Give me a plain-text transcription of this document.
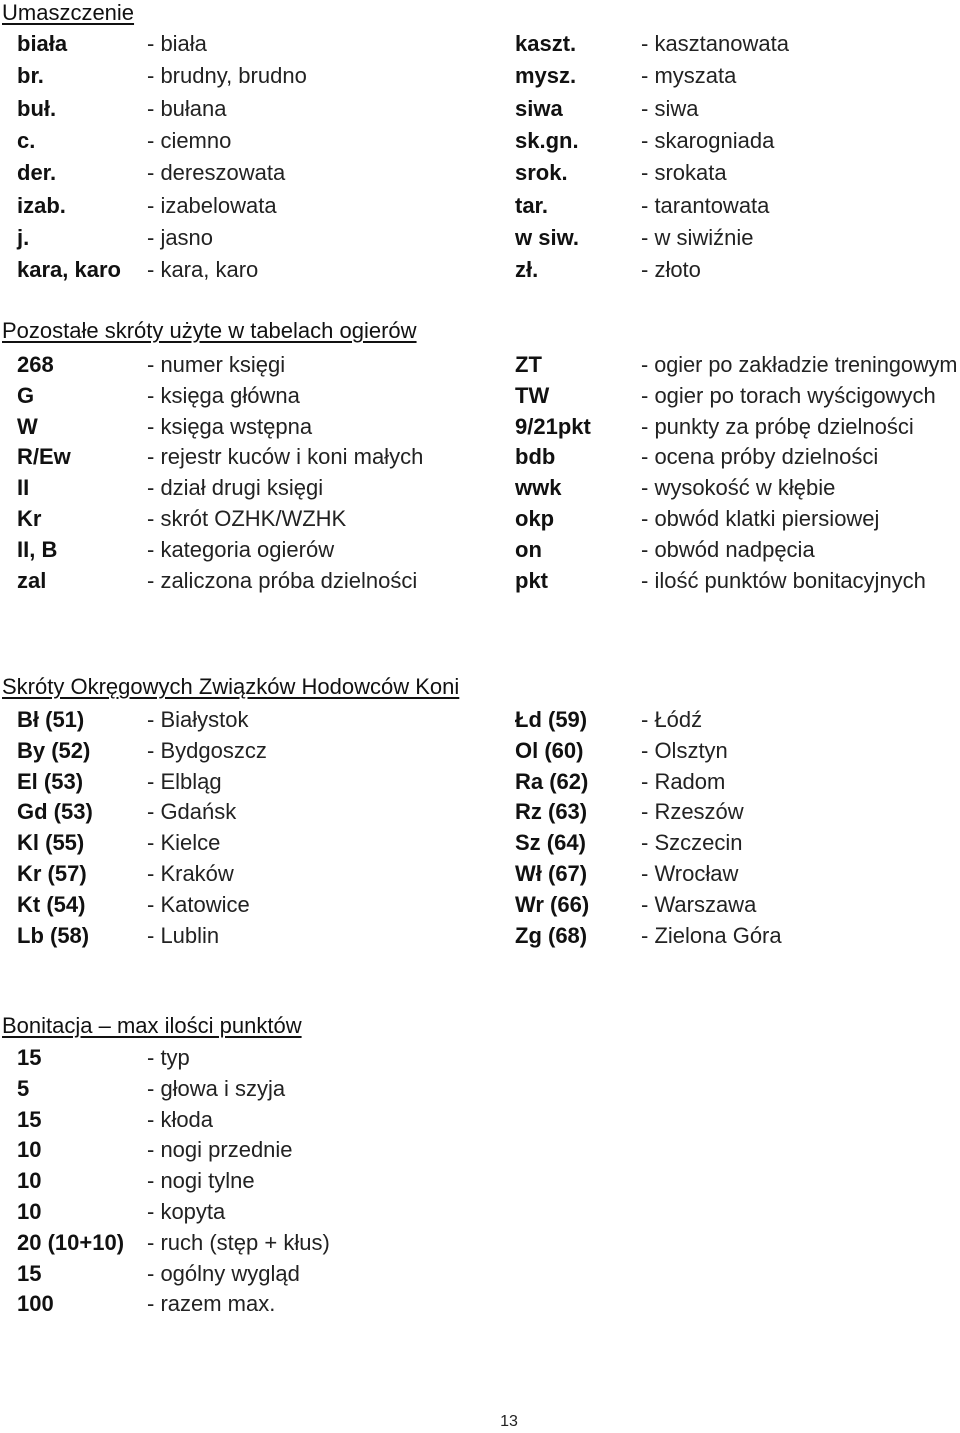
Umaszczenie
biała	- biała	kaszt.	- kasztanowata
br.	- brudny, brudno	mysz.	- myszata
buł.	- bułana	siwa	- siwa
c.	- ciemno	sk.gn.	- skarogniada
der.	- dereszowata	srok.	- srokata
izab.	- izabelowata	tar.	- tarantowata
j.	- jasno	w siw.	- w siwiźnie
kara, karo - kara, karo	zł.	- złoto
Pozostałe skróty użyte w tabelach ogierów
268	- numer księgi	ZT	- ogier po zakładzie treningowym
G	- księga główna	TW	- ogier po torach wyścigowych
W	- księga wstępna	9/21pkt - punkty za próbę dzielności
R/Ew	- rejestr kuców i koni małych	bdb	- ocena próby dzielności
II	- dział drugi księgi	wwk	- wysokość w kłębie
Kr	- skrót OZHK/WZHK	okp	- obwód klatki piersiowej
II, B	- kategoria ogierów	on	- obwód nadpęcia
zal	- zaliczona próba dzielności	pkt	- ilość punktów bonitacyjnych
Skróty Okręgowych Związków Hodowców Koni
Bł (51)	- Białystok	Łd (59) - Łódź
By (52)	- Bydgoszcz	Ol (60)	- Olsztyn
El (53)	- Elbląg	Ra (62) - Radom
Gd (53) - Gdańsk	Rz (63) - Rzeszów
Kl (55)	- Kielce	Sz (64)	- Szczecin
Kr (57)	- Kraków	Wł (67) - Wrocław
Kt (54)	- Katowice	Wr (66) - Warszawa
Lb (58)	- Lublin	Zg (68) - Zielona Góra
Bonitacja – max ilości punktów
15	- typ
5	- głowa i szyja
15	- kłoda
10	- nogi przednie
10	- nogi tylne
10	- kopyta
20 (10+10) - ruch (stęp + kłus)
15	- ogólny wygląd
100	- razem max.
13
